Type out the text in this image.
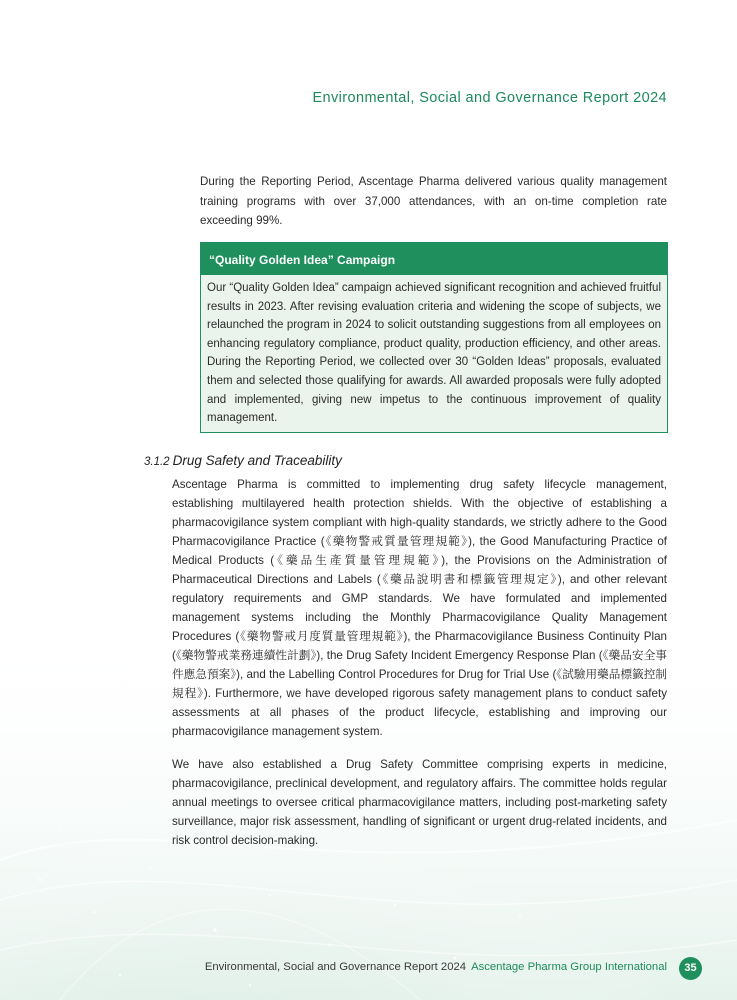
Environmental, Social and Governance Report 2024
During the Reporting Period, Ascentage Pharma delivered various quality management training programs with over 37,000 attendances, with an on-time completion rate exceeding 99%.
“Quality Golden Idea” Campaign
Our “Quality Golden Idea” campaign achieved significant recognition and achieved fruitful results in 2023. After revising evaluation criteria and widening the scope of subjects, we relaunched the program in 2024 to solicit outstanding suggestions from all employees on enhancing regulatory compliance, product quality, production efficiency, and other areas. During the Reporting Period, we collected over 30 “Golden Ideas” proposals, evaluated them and selected those qualifying for awards. All awarded proposals were fully adopted and implemented, giving new impetus to the continuous improvement of quality management.
3.1.2 Drug Safety and Traceability
Ascentage Pharma is committed to implementing drug safety lifecycle management, establishing multilayered health protection shields. With the objective of establishing a pharmacovigilance system compliant with high-quality standards, we strictly adhere to the Good Pharmacovigilance Practice (《藥物警戒質量管理規範》), the Good Manufacturing Practice of Medical Products (《藥品生產質量管理規範》), the Provisions on the Administration of Pharmaceutical Directions and Labels (《藥品說明書和標籤管理規定》), and other relevant regulatory requirements and GMP standards. We have formulated and implemented management systems including the Monthly Pharmacovigilance Quality Management Procedures (《藥物警戒月度質量管理規範》), the Pharmacovigilance Business Continuity Plan (《藥物警戒業務連續性計劃》), the Drug Safety Incident Emergency Response Plan (《藥品安全事件應急預案》), and the Labelling Control Procedures for Drug for Trial Use (《試驗用藥品標籤控制規程》). Furthermore, we have developed rigorous safety management plans to conduct safety assessments at all phases of the product lifecycle, establishing and improving our pharmacovigilance management system.
We have also established a Drug Safety Committee comprising experts in medicine, pharmacovigilance, preclinical development, and regulatory affairs. The committee holds regular annual meetings to oversee critical pharmacovigilance matters, including post-marketing safety surveillance, major risk assessment, handling of significant or urgent drug-related incidents, and risk control decision-making.
Environmental, Social and Governance Report 2024 Ascentage Pharma Group International	35
